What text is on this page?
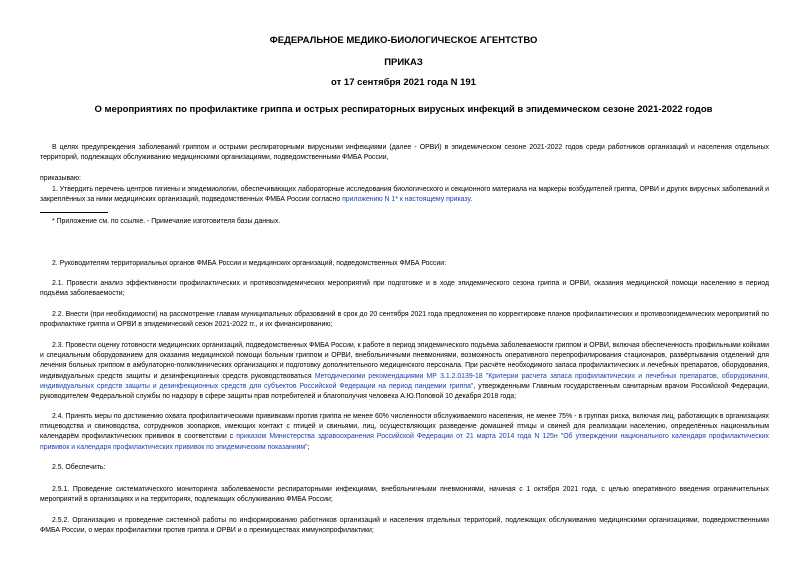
ФЕДЕРАЛЬНОЕ МЕДИКО-БИОЛОГИЧЕСКОЕ АГЕНТСТВО
ПРИКАЗ
от 17 сентября 2021 года N 191
О мероприятиях по профилактике гриппа и острых респираторных вирусных инфекций в эпидемическом сезоне 2021-2022 годов
В целях предупреждения заболеваний гриппом и острыми респираторными вирусными инфекциями (далее - ОРВИ) в эпидемическом сезоне 2021-2022 годов среди работников организаций и населения отдельных территорий, подлежащих обслуживанию медицинскими организациями, подведомственными ФМБА России,
приказываю:
1. Утвердить перечень центров гигиены и эпидемиологии, обеспечивающих лабораторные исследования биологического и секционного материала на маркеры возбудителей гриппа, ОРВИ и других вирусных заболеваний и закреплённых за ними медицинских организаций, подведомственных ФМБА России согласно приложению N 1* к настоящему приказу.
* Приложение см. по ссылке. - Примечание изготовителя базы данных.
2. Руководителям территориальных органов ФМБА России и медицинских организаций, подведомственных ФМБА России:
2.1. Провести анализ эффективности профилактических и противоэпидемических мероприятий при подготовке и в ходе эпидемического сезона гриппа и ОРВИ, оказания медицинской помощи населению в период подъёма заболеваемости;
2.2. Внести (при необходимости) на рассмотрение главам муниципальных образований в срок до 20 сентября 2021 года предложения по корректировке планов профилактических и противоэпидемических мероприятий по профилактике гриппа и ОРВИ в эпидемический сезон 2021-2022 гг., и их финансированию;
2.3. Провести оценку готовности медицинских организаций, подведомственных ФМБА России, к работе в период эпидемического подъёма заболеваемости гриппом и ОРВИ, включая обеспеченность профильными койками и специальным оборудованием для оказания медицинской помощи больным гриппом и ОРВИ, внебольничными пневмониями, возможность оперативного перепрофилирования стационаров, развёртывания отделений для лечения больных гриппом в амбулаторно-поликлинических организациях и подготовку дополнительного медицинского персонала. При расчёте необходимого запаса профилактических и лечебных препаратов, оборудования, индивидуальных средств защиты и дезинфекционных средств руководствоваться Методическими рекомендациями МР 3.1.2.0139-18 "Критерии расчета запаса профилактических и лечебных препаратов, оборудования, индивидуальных средств защиты и дезинфекционных средств для субъектов Российской Федерации на период пандемии гриппа", утвержденными Главным государственным санитарным врачом Российской Федерации, руководителем Федеральной службы по надзору в сфере защиты прав потребителей и благополучия человека А.Ю.Поповой 10 декабря 2018 года;
2.4. Принять меры по достижению охвата профилактическими прививками против гриппа не менее 60% численности обслуживаемого населения, не менее 75% - в группах риска, включая лиц, работающих в организациях птицеводства и свиноводства, сотрудников зоопарков, имеющих контакт с птицей и свиньями, лиц, осуществляющих разведение домашней птицы и свиней для реализации населению, определённых национальным календарём профилактических прививок в соответствии с приказом Министерства здравоохранения Российской Федерации от 21 марта 2014 года N 125н "Об утверждении национального календаря профилактических прививок и календаря профилактических прививок по эпидемическим показаниям";
2.5. Обеспечить:
2.5.1. Проведение систематического мониторинга заболеваемости респираторными инфекциями, внебольничными пневмониями, начиная с 1 октября 2021 года, с целью оперативного введения ограничительных мероприятий в организациях и на территориях, подлежащих обслуживанию ФМБА России;
2.5.2. Организацию и проведение системной работы по информированию работников организаций и населения отдельных территорий, подлежащих обслуживанию медицинскими организациями, подведомственными ФМБА России, о мерах профилактики против гриппа и ОРВИ и о преимуществах иммунопрофилактики;
